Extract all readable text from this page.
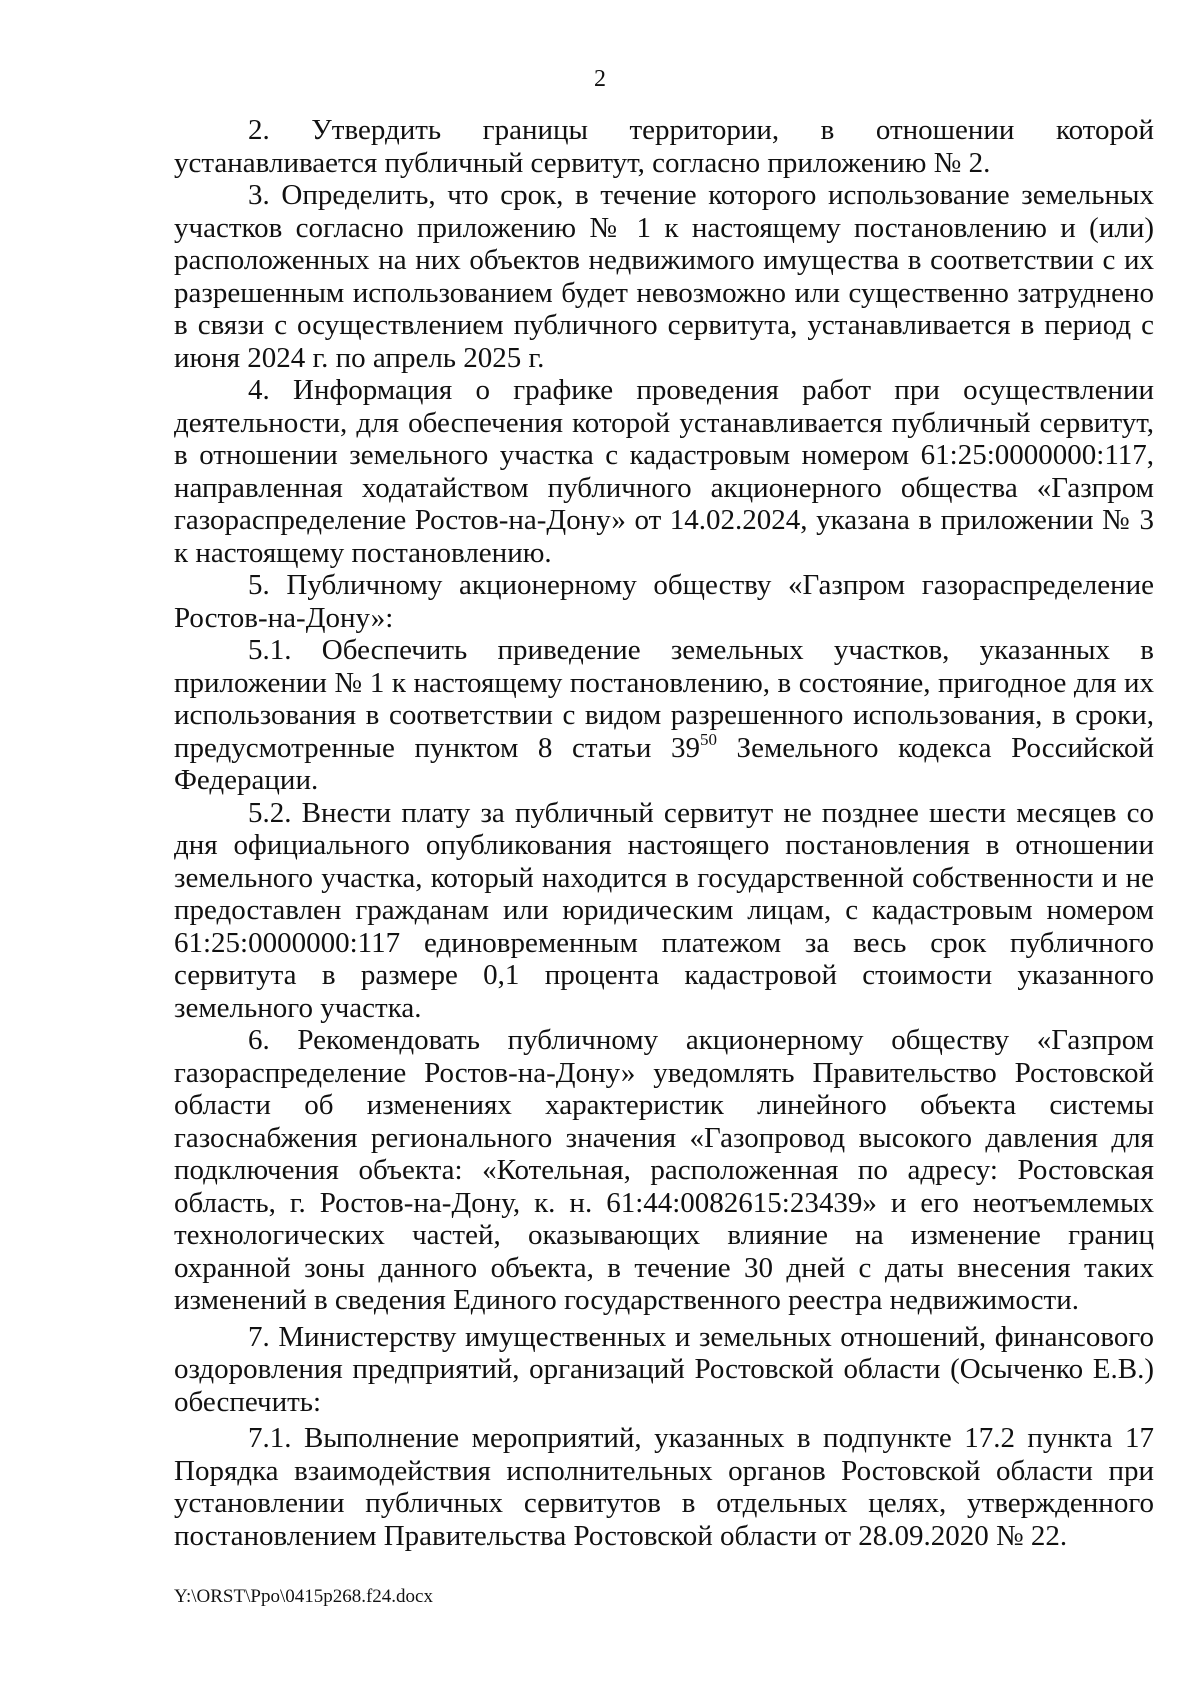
2

2. Утвердить границы территории, в отношении которой устанавливается публичный сервитут, согласно приложению № 2.

3. Определить, что срок, в течение которого использование земельных участков согласно приложению № 1 к настоящему постановлению и (или) расположенных на них объектов недвижимого имущества в соответствии с их разрешенным использованием будет невозможно или существенно затруднено в связи с осуществлением публичного сервитута, устанавливается в период с июня 2024 г. по апрель 2025 г.

4. Информация о графике проведения работ при осуществлении деятельности, для обеспечения которой устанавливается публичный сервитут, в отношении земельного участка с кадастровым номером 61:25:0000000:117, направленная ходатайством публичного акционерного общества «Газпром газораспределение Ростов-на-Дону» от 14.02.2024, указана в приложении № 3 к настоящему постановлению.

5. Публичному акционерному обществу «Газпром газораспределение Ростов-на-Дону»:

5.1. Обеспечить приведение земельных участков, указанных в приложении № 1 к настоящему постановлению, в состояние, пригодное для их использования в соответствии с видом разрешенного использования, в сроки, предусмотренные пунктом 8 статьи $39^{50}$ Земельного кодекса Российской Федерации.

5.2. Внести плату за публичный сервитут не позднее шести месяцев со дня официального опубликования настоящего постановления в отношении земельного участка, который находится в государственной собственности и не предоставлен гражданам или юридическим лицам, с кадастровым номером 61:25:0000000:117 единовременным платежом за весь срок публичного сервитута в размере 0,1 процента кадастровой стоимости указанного земельного участка.

6. Рекомендовать публичному акционерному обществу «Газпром газораспределение Ростов-на-Дону» уведомлять Правительство Ростовской области об изменениях характеристик линейного объекта системы газоснабжения регионального значения «Газопровод высокого давления для подключения объекта: «Котельная, расположенная по адресу: Ростовская область, г. Ростов-на-Дону, к. н. 61:44:0082615:23439» и его неотъемлемых технологических частей, оказывающих влияние на изменение границ охранной зоны данного объекта, в течение 30 дней с даты внесения таких изменений в сведения Единого государственного реестра недвижимости.

7. Министерству имущественных и земельных отношений, финансового оздоровления предприятий, организаций Ростовской области (Осыченко Е.В.) обеспечить:

7.1. Выполнение мероприятий, указанных в подпункте 17.2 пункта 17 Порядка взаимодействия исполнительных органов Ростовской области при установлении публичных сервитутов в отдельных целях, утвержденного постановлением Правительства Ростовской области от 28.09.2020 № 22.

Y:\ORST\Ppo\0415p268.f24.docx
